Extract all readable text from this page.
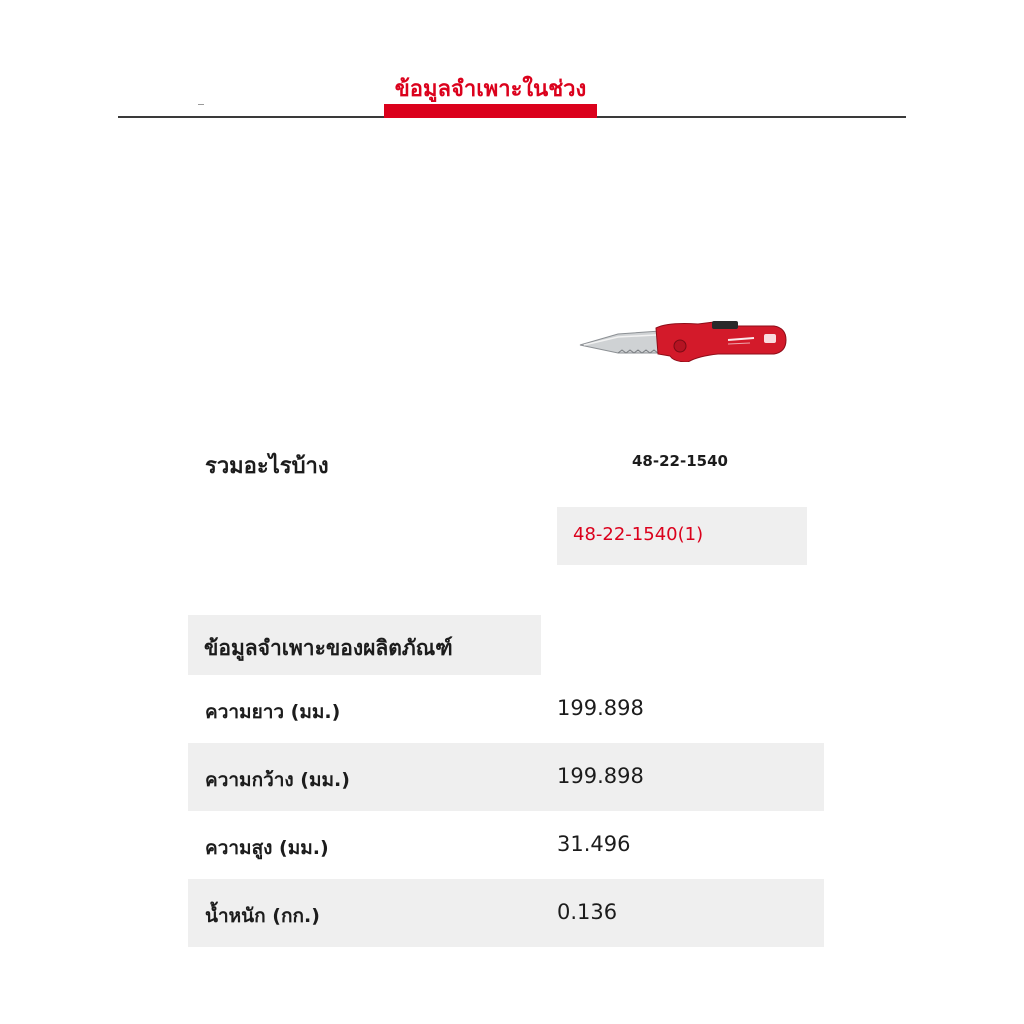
ข้อมูลจำเพาะในช่วง
รวมอะไรบ้าง	48-22-1540
48-22-1540(1)
ข้อมูลจำเพาะของผลิตภัณฑ์
ความยาว (มม.)	199.898
ความกว้าง (มม.)	199.898
ความสูง (มม.)	31.496
น้ำหนัก (กก.)	0.136
